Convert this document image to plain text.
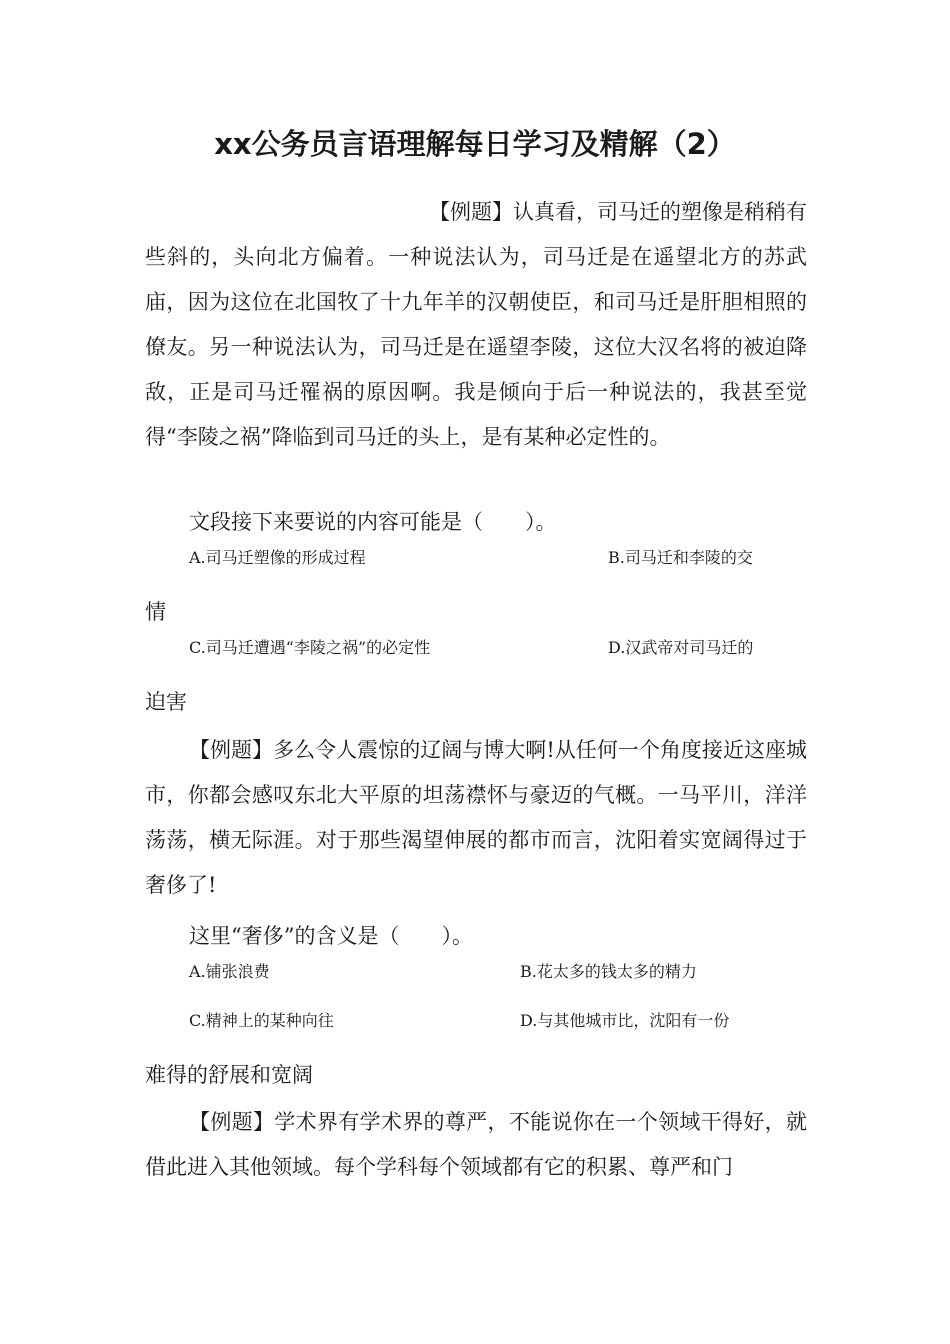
xx公务员言语理解每日学习及精解（2）

【例题】认真看，司马迁的塑像是稍稍有

些斜的，头向北方偏着。一种说法认为，司马迁是在遥望北方的苏武庙，因为这位在北国牧了十九年羊的汉朝使臣，和司马迁是肝胆相照的僚友。另一种说法认为，司马迁是在遥望李陵，这位大汉名将的被迫降敌，正是司马迁罹祸的原因啊。我是倾向于后一种说法的，我甚至觉得“李陵之祸”降临到司马迁的头上，是有某种必定性的。

文段接下来要说的内容可能是（　　）。

A.司马迁塑像的形成过程	B.司马迁和李陵的交

情

C.司马迁遭遇“李陵之祸”的必定性	D.汉武帝对司马迁的

迫害

【例题】多么令人震惊的辽阔与博大啊!从任何一个角度接近这座城市，你都会感叹东北大平原的坦荡襟怀与豪迈的气概。一马平川，洋洋荡荡，横无际涯。对于那些渴望伸展的都市而言，沈阳着实宽阔得过于奢侈了!

这里“奢侈”的含义是（　　）。

A.铺张浪费	B.花太多的钱太多的精力
C.精神上的某种向往	D.与其他城市比，沈阳有一份

难得的舒展和宽阔

【例题】学术界有学术界的尊严，不能说你在一个领域干得好，就借此进入其他领域。每个学科每个领域都有它的积累、尊严和门
